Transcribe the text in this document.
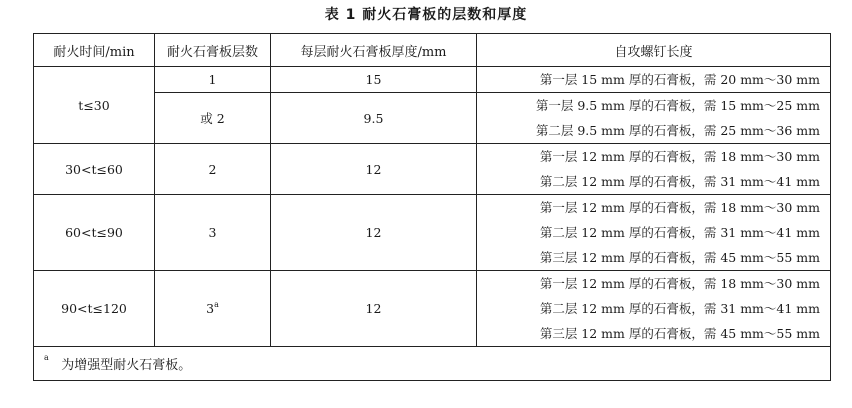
表 1 耐火石膏板的层数和厚度
耐火时间/min	耐火石膏板层数	每层耐火石膏板厚度/mm	自攻螺钉长度
t≤30	1	15	第一层 15 mm 厚的石膏板，需 20 mm～30 mm

	或 2	9.5	第一层 9.5 mm 厚的石膏板，需 15 mm～25 mm
第二层 9.5 mm 厚的石膏板，需 25 mm～36 mm

30<t≤60	2	12	第一层 12 mm 厚的石膏板，需 18 mm～30 mm
第二层 12 mm 厚的石膏板，需 31 mm～41 mm

60<t≤90	3	12	第一层 12 mm 厚的石膏板，需 18 mm～30 mm
第二层 12 mm 厚的石膏板，需 31 mm～41 mm
第三层 12 mm 厚的石膏板，需 45 mm～55 mm

90<t≤120	3$^a$	12	第一层 12 mm 厚的石膏板，需 18 mm～30 mm
第二层 12 mm 厚的石膏板，需 31 mm～41 mm
第三层 12 mm 厚的石膏板，需 45 mm～55 mm

$^a$   为增强型耐火石膏板。			
